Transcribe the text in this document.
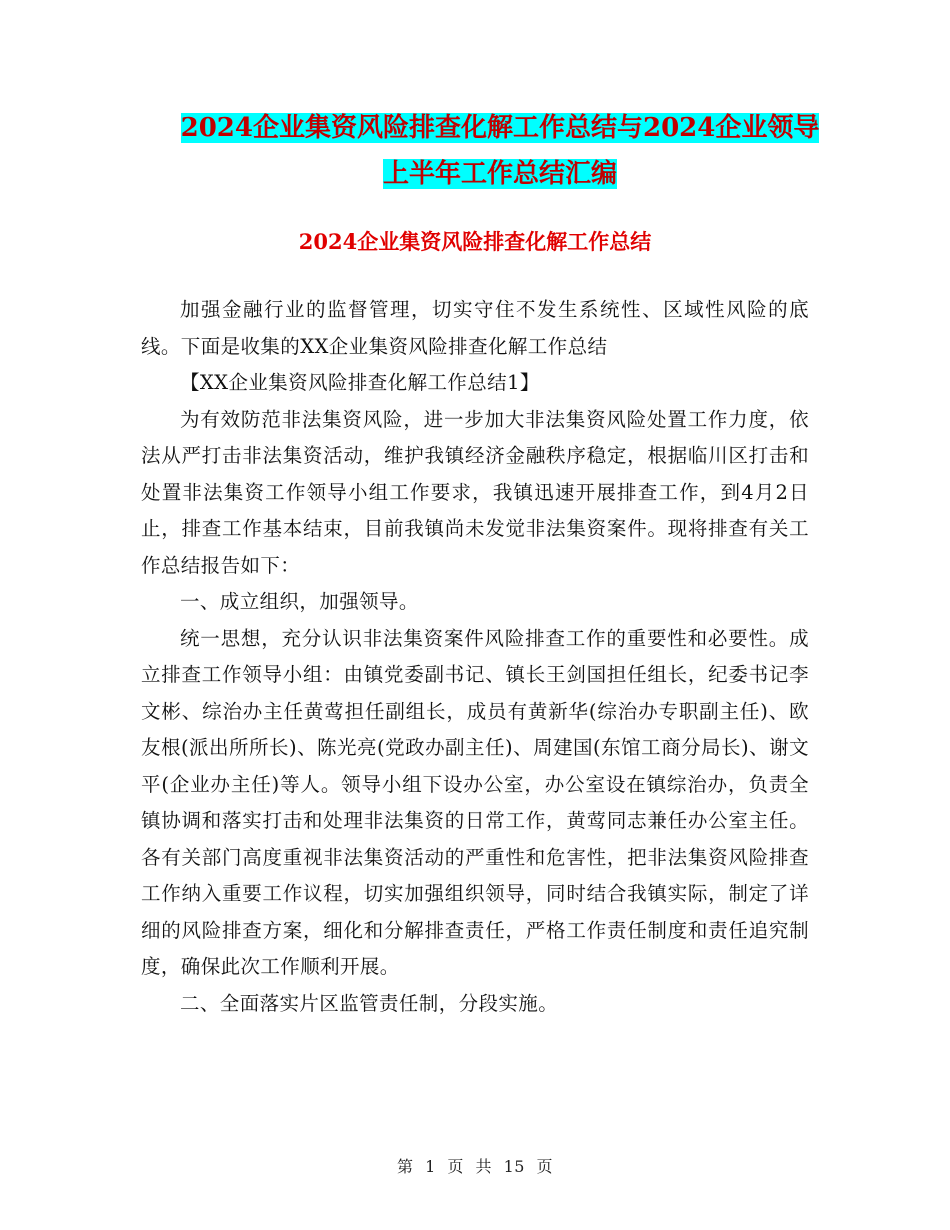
2024企业集资风险排查化解工作总结与2024企业领导
上半年工作总结汇编
2024企业集资风险排查化解工作总结

加强金融行业的监督管理，切实守住不发生系统性、区域性风险的底线。下面是收集的XX企业集资风险排查化解工作总结

【XX企业集资风险排查化解工作总结1】

为有效防范非法集资风险，进一步加大非法集资风险处置工作力度，依法从严打击非法集资活动，维护我镇经济金融秩序稳定，根据临川区打击和处置非法集资工作领导小组工作要求，我镇迅速开展排查工作，到4月2日止，排查工作基本结束，目前我镇尚未发觉非法集资案件。现将排查有关工作总结报告如下：

一、成立组织，加强领导。

统一思想，充分认识非法集资案件风险排查工作的重要性和必要性。成立排查工作领导小组：由镇党委副书记、镇长王剑国担任组长，纪委书记李文彬、综治办主任黄莺担任副组长，成员有黄新华(综治办专职副主任)、欧友根(派出所所长)、陈光亮(党政办副主任)、周建国(东馆工商分局长)、谢文平(企业办主任)等人。领导小组下设办公室，办公室设在镇综治办，负责全镇协调和落实打击和处理非法集资的日常工作，黄莺同志兼任办公室主任。各有关部门高度重视非法集资活动的严重性和危害性，把非法集资风险排查工作纳入重要工作议程，切实加强组织领导，同时结合我镇实际，制定了详细的风险排查方案，细化和分解排查责任，严格工作责任制度和责任追究制度，确保此次工作顺利开展。

二、全面落实片区监管责任制，分段实施。

第 1 页 共 15 页
